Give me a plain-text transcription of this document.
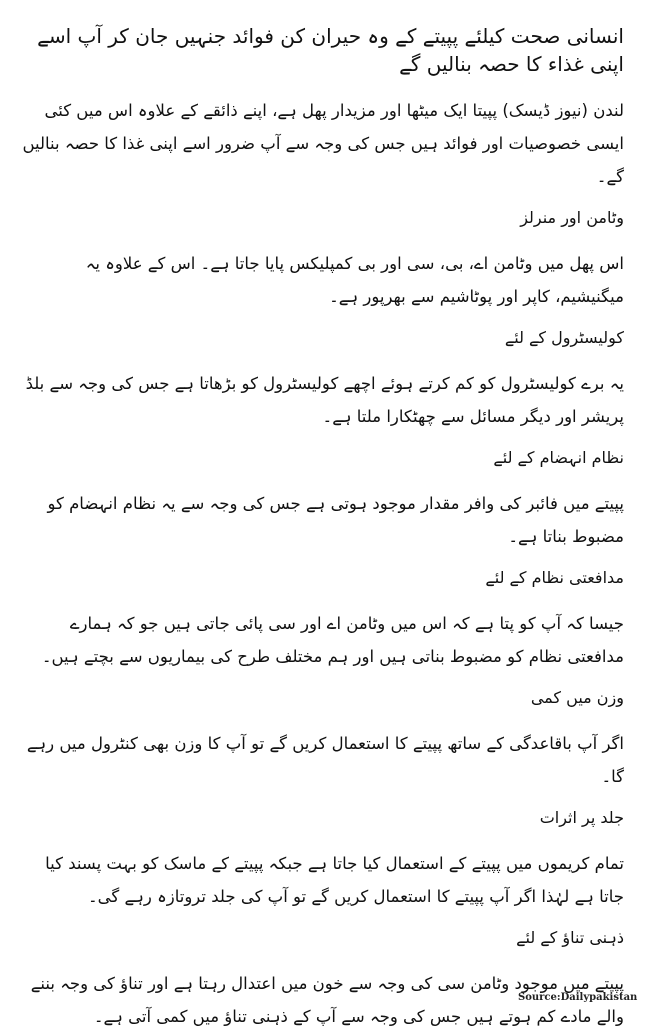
انسانی صحت کیلئے پپیتے کے وہ حیران کن فوائد جنہیں جان کر آپ اسے اپنی غذاء کا حصہ بنالیں گے

لندن (نیوز ڈیسک) پپیتا ایک میٹھا اور مزیدار پھل ہے، اپنے ذائقے کے علاوہ اس میں کئی ایسی خصوصیات اور فوائد ہیں جس کی وجہ سے آپ ضرور اسے اپنی غذا کا حصہ بنالیں گے۔

وٹامن اور منرلز

اس پھل میں وٹامن اے، بی، سی اور بی کمپلیکس پایا جاتا ہے۔ اس کے علاوہ یہ میگنیشیم، کاپر اور پوٹاشیم سے بھرپور ہے۔

کولیسٹرول کے لئے

یہ برے کولیسٹرول کو کم کرتے ہوئے اچھے کولیسٹرول کو بڑھاتا ہے جس کی وجہ سے بلڈ پریشر اور دیگر مسائل سے چھٹکارا ملتا ہے۔

نظام انہضام کے لئے

پپیتے میں فائبر کی وافر مقدار موجود ہوتی ہے جس کی وجہ سے یہ نظام انہضام کو مضبوط بناتا ہے۔

مدافعتی نظام کے لئے

جیسا کہ آپ کو پتا ہے کہ اس میں وٹامن اے اور سی پائی جاتی ہیں جو کہ ہمارے مدافعتی نظام کو مضبوط بناتی ہیں اور ہم مختلف طرح کی بیماریوں سے بچتے ہیں۔

وزن میں کمی

اگر آپ باقاعدگی کے ساتھ پپیتے کا استعمال کریں گے تو آپ کا وزن بھی کنٹرول میں رہے گا۔

جلد پر اثرات

تمام کریموں میں پپیتے کے استعمال کیا جاتا ہے جبکہ پپیتے کے ماسک کو بہت پسند کیا جاتا ہے لہٰذا اگر آپ پپیتے کا استعمال کریں گے تو آپ کی جلد تروتازہ رہے گی۔

ذہنی تناؤ کے لئے

پپیتے میں موجود وٹامن سی کی وجہ سے خون میں اعتدال رہتا ہے اور تناؤ کی وجہ بننے والے مادے کم ہوتے ہیں جس کی وجہ سے آپ کے ذہنی تناؤ میں کمی آتی ہے۔

Source:Dailypakistan
